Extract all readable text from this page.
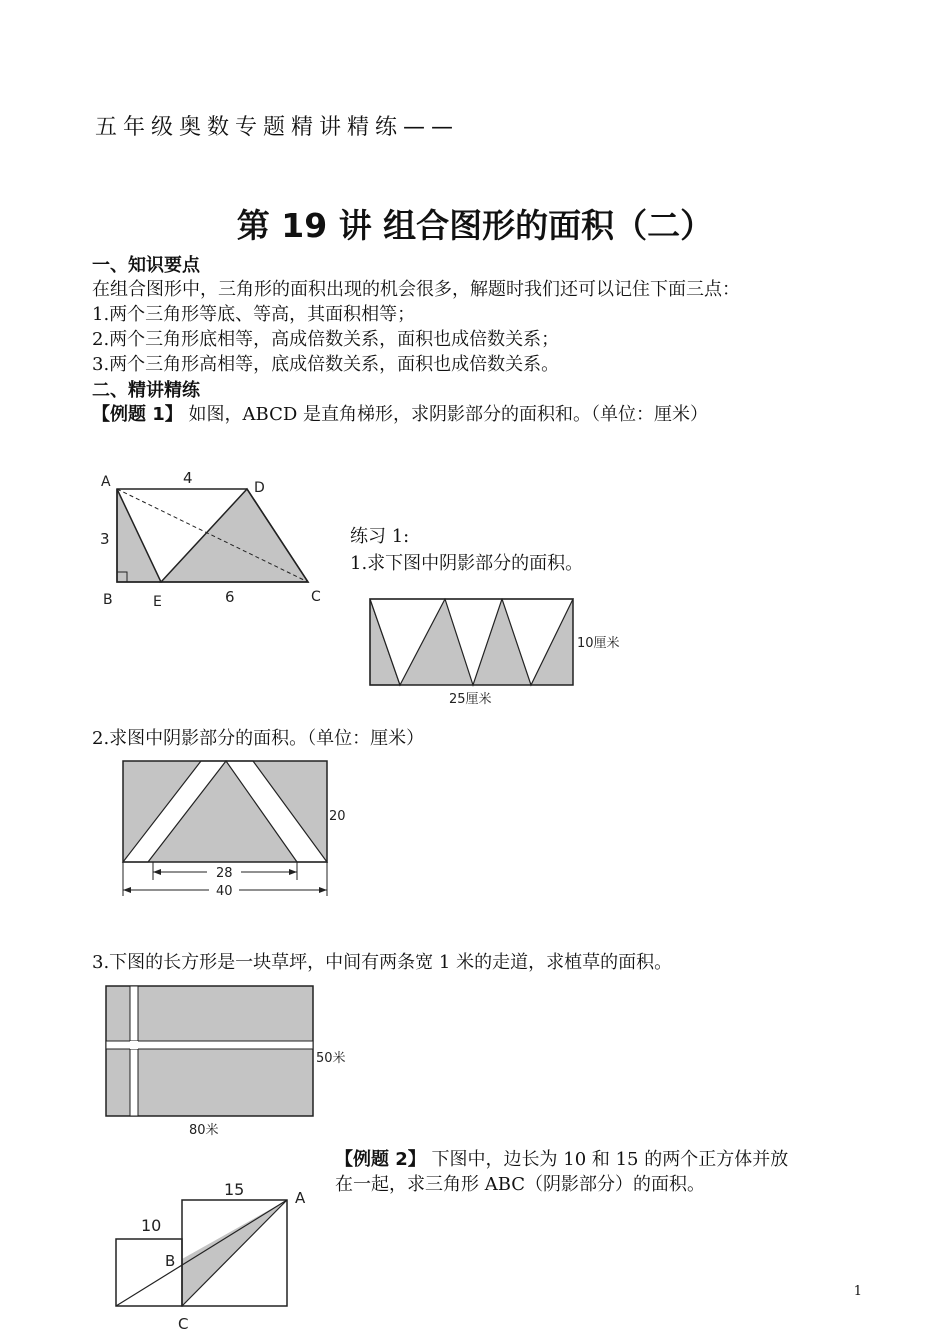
五年级奥数专题精讲精练——
第 19 讲 组合图形的面积（二）
一、知识要点
在组合图形中，三角形的面积出现的机会很多，解题时我们还可以记住下面三点：
1.两个三角形等底、等高，其面积相等；
2.两个三角形底相等，高成倍数关系，面积也成倍数关系；
3.两个三角形高相等，底成倍数关系，面积也成倍数关系。
二、精讲精练
【例题 1】 如图，ABCD 是直角梯形，求阴影部分的面积和。（单位：厘米）
A	D
4
3
B	E	6	C
练习 1:
1.求下图中阴影部分的面积。
10厘米
25厘米
2.求图中阴影部分的面积。（单位：厘米）
20
28
40
3.下图的长方形是一块草坪，中间有两条宽 1 米的走道，求植草的面积。
50米
80米
【例题 2】 下图中，边长为 10 和 15 的两个正方体并放
在一起，求三角形 ABC（阴影部分）的面积。
10
15	A
B
C
1
